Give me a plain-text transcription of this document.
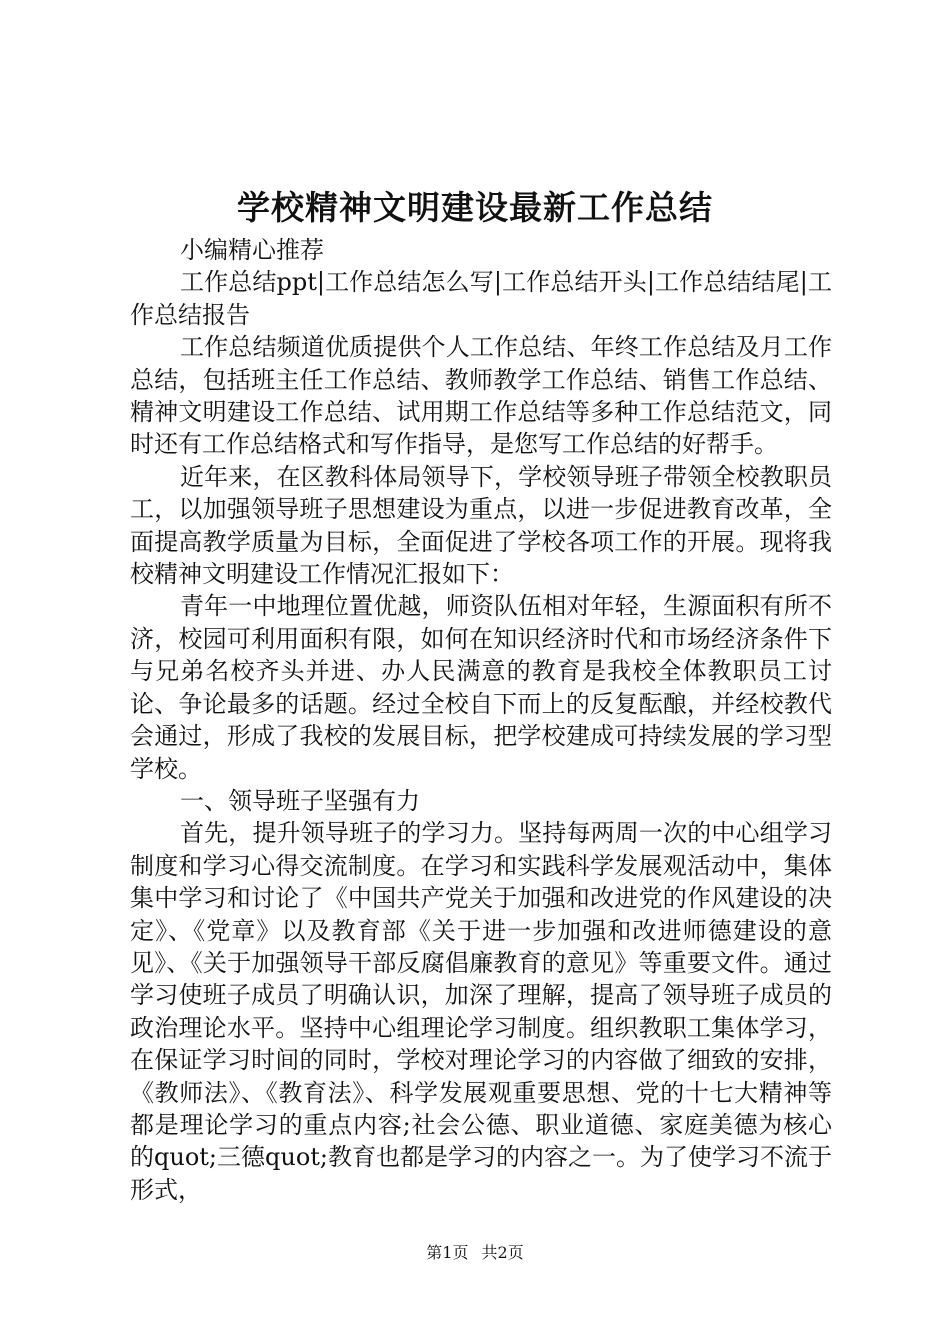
学校精神文明建设最新工作总结

小编精心推荐

工作总结ppt|工作总结怎么写|工作总结开头|工作总结结尾|工作总结报告

工作总结频道优质提供个人工作总结、年终工作总结及月工作总结，包括班主任工作总结、教师教学工作总结、销售工作总结、精神文明建设工作总结、试用期工作总结等多种工作总结范文，同时还有工作总结格式和写作指导，是您写工作总结的好帮手。

近年来，在区教科体局领导下，学校领导班子带领全校教职员工，以加强领导班子思想建设为重点，以进一步促进教育改革，全面提高教学质量为目标，全面促进了学校各项工作的开展。现将我校精神文明建设工作情况汇报如下：

青年一中地理位置优越，师资队伍相对年轻，生源面积有所不济，校园可利用面积有限，如何在知识经济时代和市场经济条件下与兄弟名校齐头并进、办人民满意的教育是我校全体教职员工讨论、争论最多的话题。经过全校自下而上的反复酝酿，并经校教代会通过，形成了我校的发展目标，把学校建成可持续发展的学习型学校。

一、领导班子坚强有力

首先，提升领导班子的学习力。坚持每两周一次的中心组学习制度和学习心得交流制度。在学习和实践科学发展观活动中，集体集中学习和讨论了《中国共产党关于加强和改进党的作风建设的决定》、《党章》以及教育部《关于进一步加强和改进师德建设的意见》、《关于加强领导干部反腐倡廉教育的意见》等重要文件。通过学习使班子成员了明确认识，加深了理解，提高了领导班子成员的政治理论水平。坚持中心组理论学习制度。组织教职工集体学习，在保证学习时间的同时，学校对理论学习的内容做了细致的安排，《教师法》、《教育法》、科学发展观重要思想、党的十七大精神等都是理论学习的重点内容;社会公德、职业道德、家庭美德为核心的quot;三德quot;教育也都是学习的内容之一。为了使学习不流于形式，

第1页 共2页
